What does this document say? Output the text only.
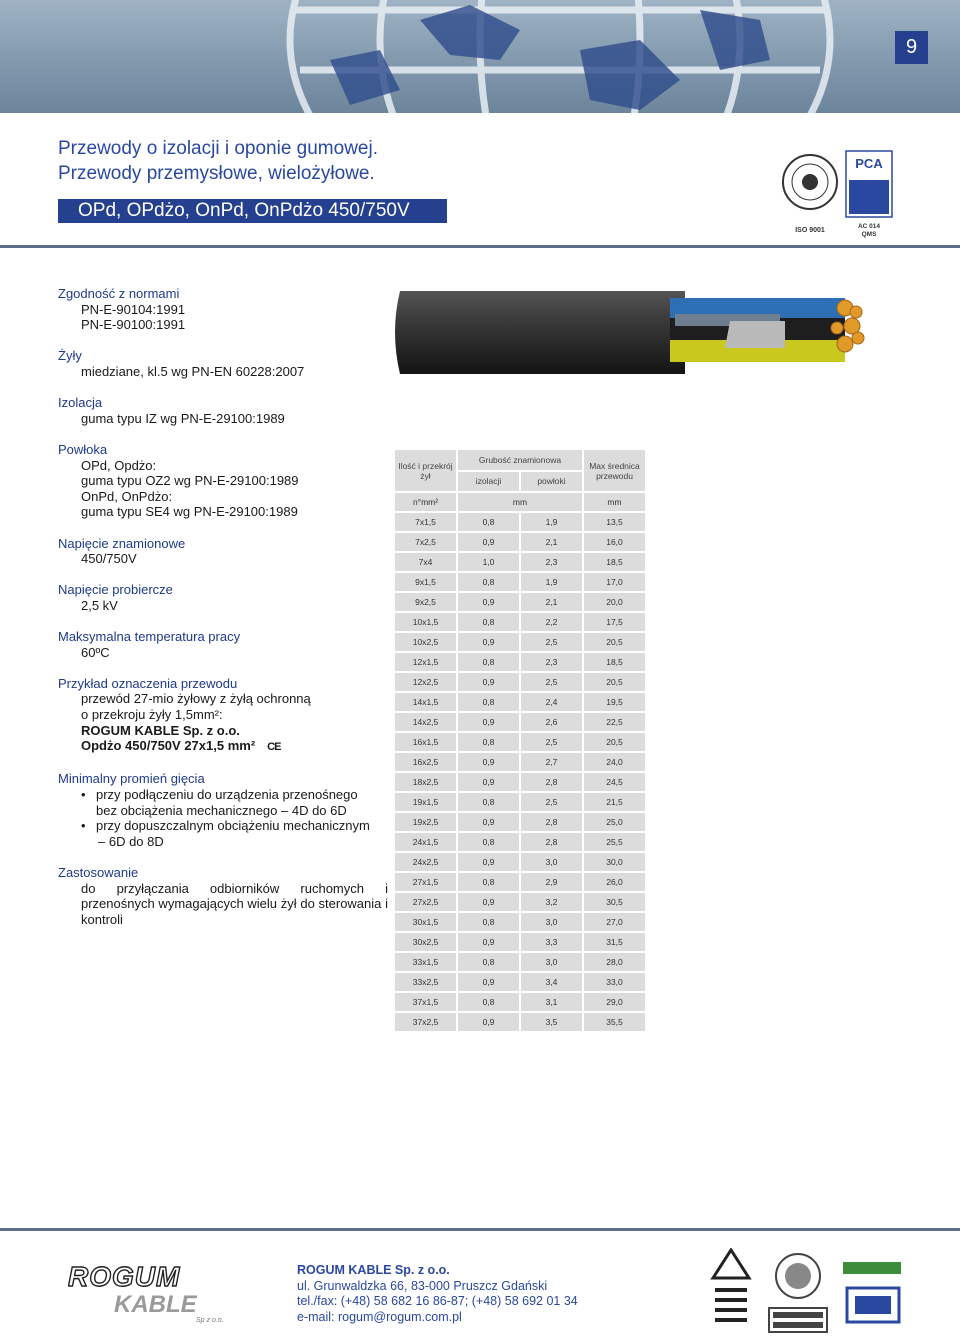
9
Przewody o izolacji i oponie gumowej.
Przewody przemysłowe, wielożyłowe.
OPd, OPdżo, OnPd, OnPdżo 450/750V
ISO 9001
PCA
AC 014
QMS
Zgodność z normami
PN-E-90104:1991
PN-E-90100:1991
Żyły
miedziane, kl.5 wg PN-EN 60228:2007
Izolacja
guma typu IZ wg PN-E-29100:1989
Powłoka
OPd, Opdżo:
guma typu OZ2 wg PN-E-29100:1989
OnPd, OnPdżo:
guma typu SE4 wg PN-E-29100:1989
Napięcie znamionowe
450/750V
Napięcie probiercze
2,5 kV
Maksymalna temperatura pracy
60ºC
Przykład oznaczenia przewodu
przewód 27-mio żyłowy z żyłą ochronną
o przekroju żyły 1,5mm²:
ROGUM KABLE Sp. z o.o.
Opdżo 450/750V 27x1,5 mm² CE
Minimalny promień gięcia
• przy podłączeniu do urządzenia przenośnego
bez obciążenia mechanicznego – 4D do 6D
• przy dopuszczalnym obciążeniu mechanicznym
– 6D do 8D
Zastosowanie
do przyłączania odbiorników ruchomych i przenośnych wymagających wielu żył do sterowania i kontroli
Ilość i przekrój żył	Grubość znamionowa		Max średnica przewodu
	izolacji	powłoki	
n°mm²	mm		mm
7x1,5	0,8	1,9	13,5
7x2,5	0,9	2,1	16,0
7x4	1,0	2,3	18,5
9x1,5	0,8	1,9	17,0
9x2,5	0,9	2,1	20,0
10x1,5	0,8	2,2	17,5
10x2,5	0,9	2,5	20,5
12x1,5	0,8	2,3	18,5
12x2,5	0,9	2,5	20,5
14x1,5	0,8	2,4	19,5
14x2,5	0,9	2,6	22,5
16x1,5	0,8	2,5	20,5
16x2,5	0,9	2,7	24,0
18x2,5	0,9	2,8	24,5
19x1,5	0,8	2,5	21,5
19x2,5	0,9	2,8	25,0
24x1,5	0,8	2,8	25,5
24x2,5	0,9	3,0	30,0
27x1,5	0,8	2,9	26,0
27x2,5	0,9	3,2	30,5
30x1,5	0,8	3,0	27,0
30x2,5	0,9	3,3	31,5
33x1,5	0,8	3,0	28,0
33x2,5	0,9	3,4	33,0
37x1,5	0,8	3,1	29,0
37x2,5	0,9	3,5	35,5
ROGUM
KABLE
Sp z o.o.
ROGUM KABLE Sp. z o.o.
ul. Grunwaldzka 66, 83-000 Pruszcz Gdański
tel./fax: (+48) 58 682 16 86-87; (+48) 58 692 01 34
e-mail: rogum@rogum.com.pl
